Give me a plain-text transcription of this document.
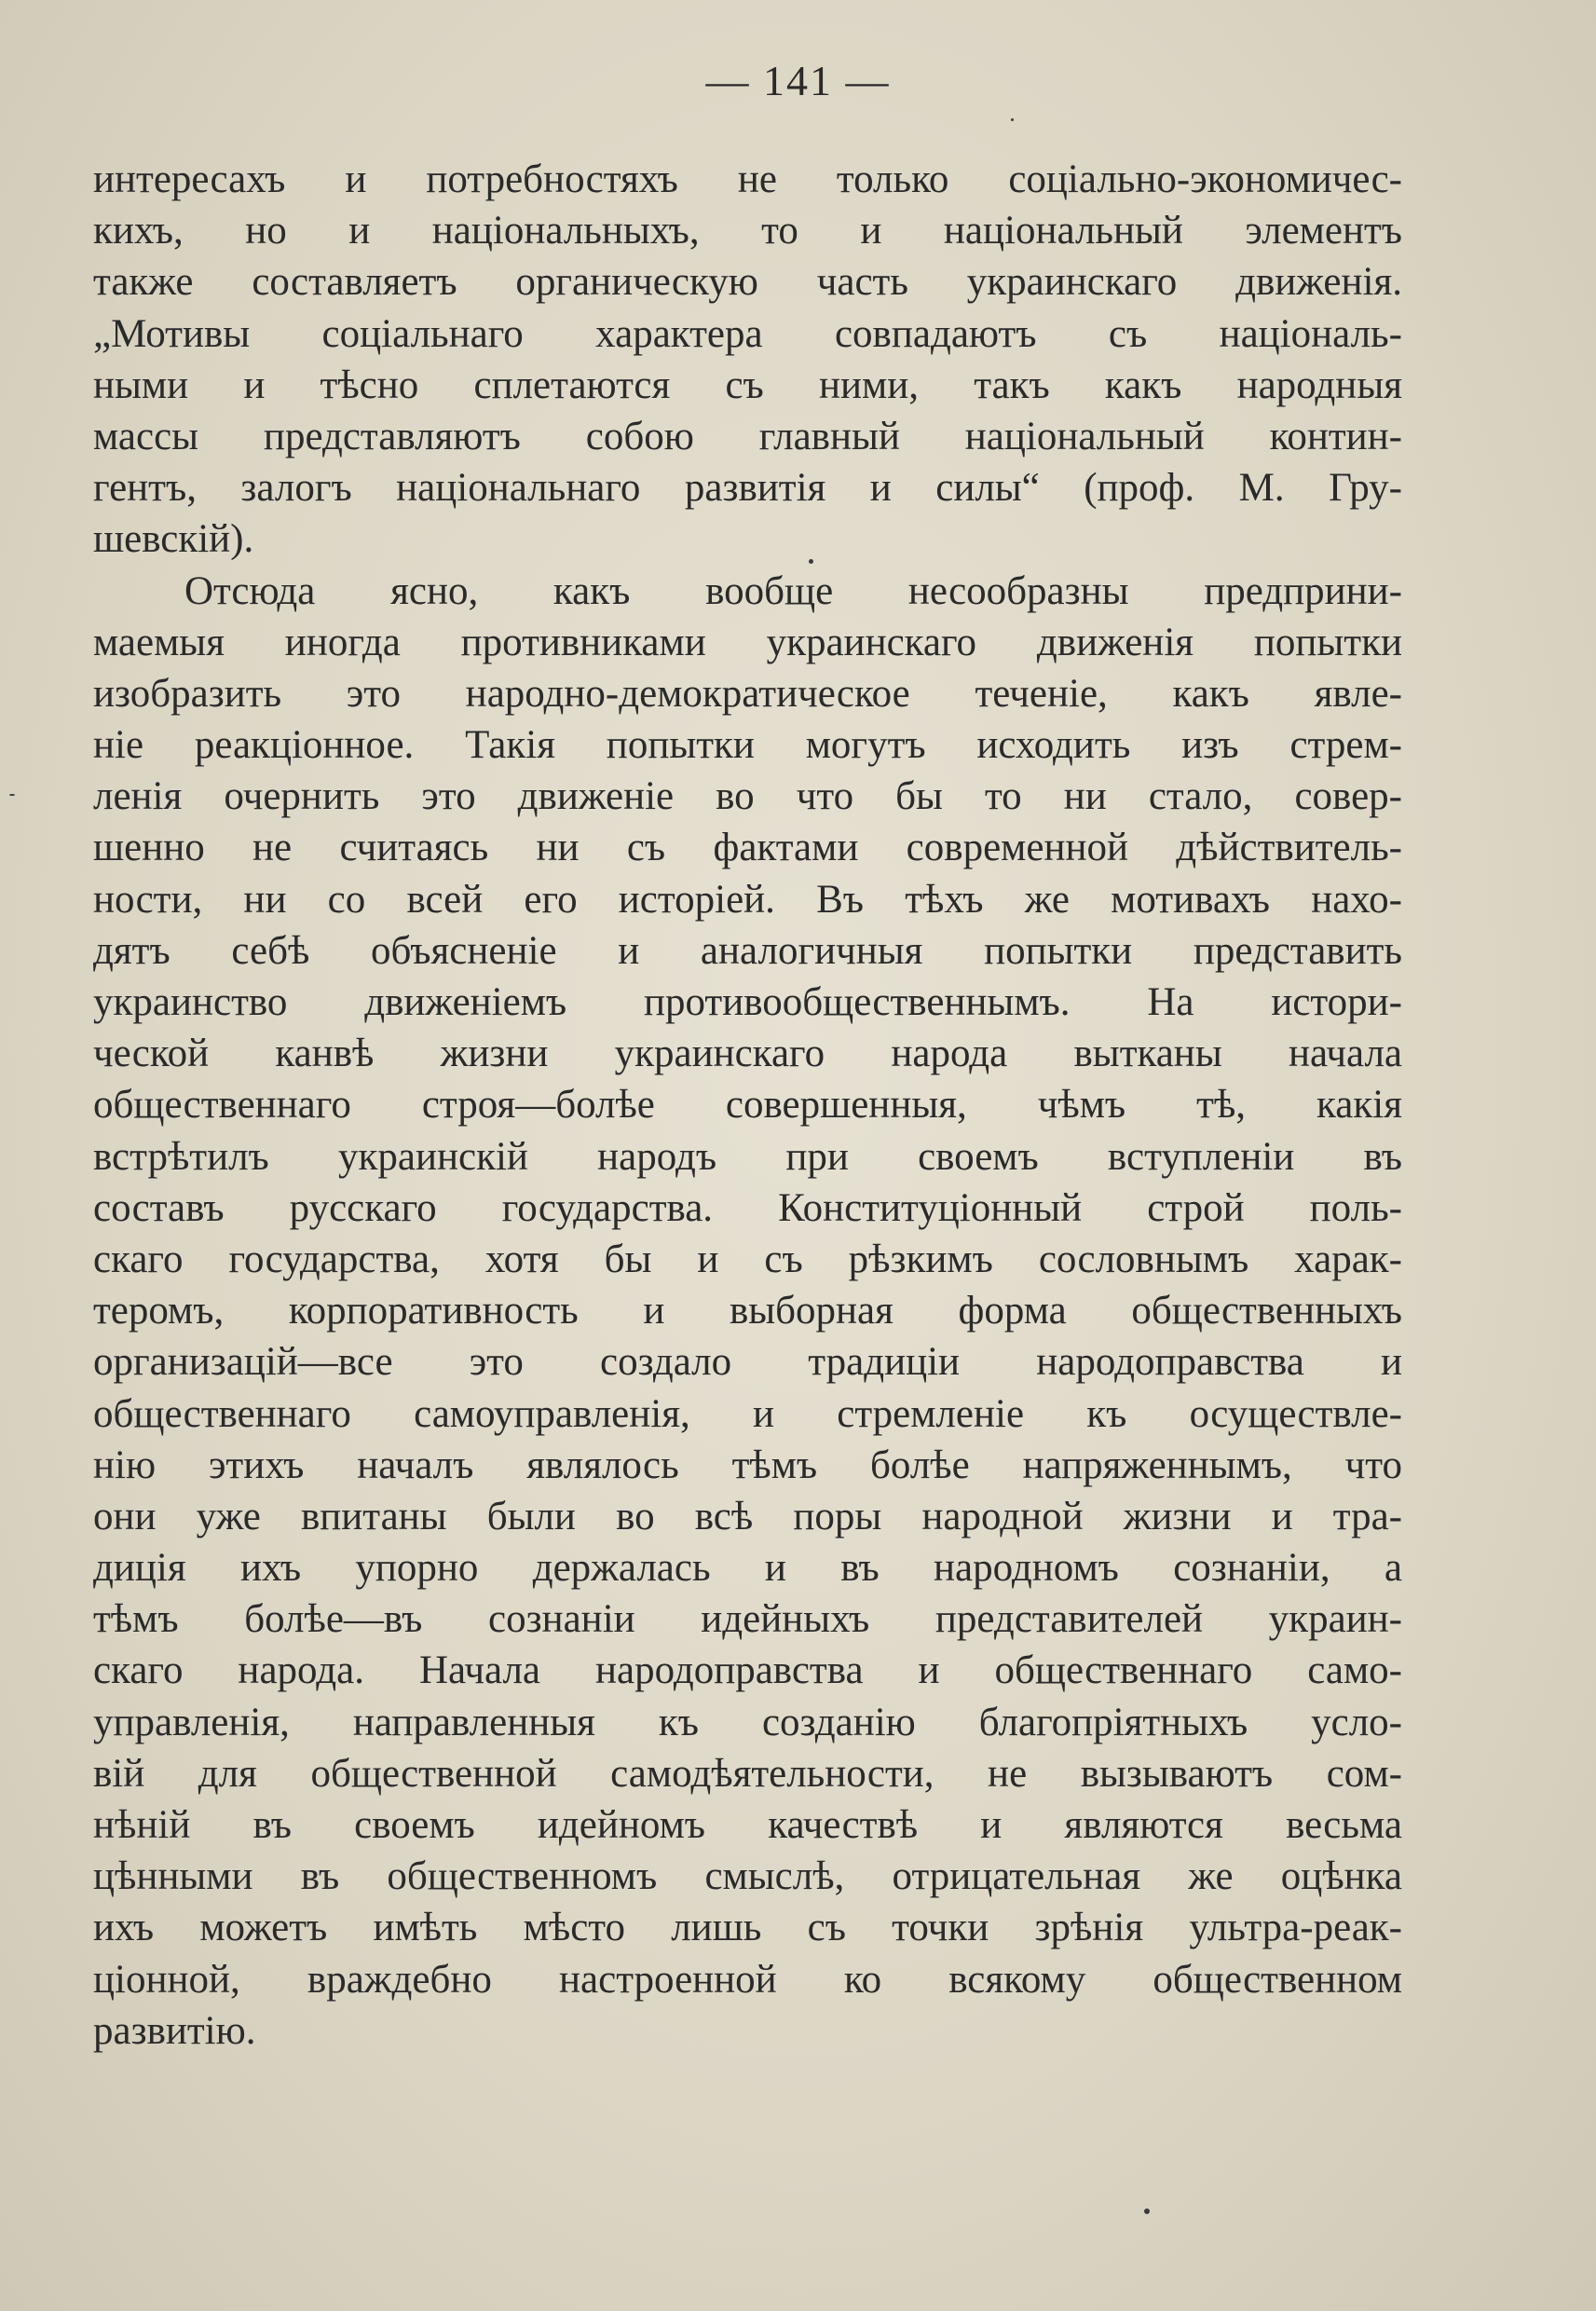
— 141 —
интересахъ и потребностяхъ не только соціально-экономичес-
кихъ, но и національныхъ, то и національный элементъ
также составляетъ органическую часть украинскаго движенія.
„Мотивы соціальнаго характера совпадаютъ съ національ-
ными и тѣсно сплетаются съ ними, такъ какъ народныя
массы представляютъ собою главный національный контин-
гентъ, залогъ національнаго развитія и силы“ (проф. М. Гру-
шевскій).
Отсюда ясно, какъ вообще несообразны предприни-
маемыя иногда противниками украинскаго движенія попытки
изобразить это народно-демократическое теченіе, какъ явле-
ніе реакціонное. Такія попытки могутъ исходить изъ стрем-
ленія очернить это движеніе во что бы то ни стало, совер-
шенно не считаясь ни съ фактами современной дѣйствитель-
ности, ни со всей его исторіей. Въ тѣхъ же мотивахъ нахо-
дятъ себѣ объясненіе и аналогичныя попытки представить
украинство движеніемъ противообщественнымъ. На истори-
ческой канвѣ жизни украинскаго народа вытканы начала
общественнаго строя—болѣе совершенныя, чѣмъ тѣ, какія
встрѣтилъ украинскій народъ при своемъ вступленіи въ
составъ русскаго государства. Конституціонный строй поль-
скаго государства, хотя бы и съ рѣзкимъ сословнымъ харак-
теромъ, корпоративность и выборная форма общественныхъ
организацій—все это создало традиціи народоправства и
общественнаго самоуправленія, и стремленіе къ осуществле-
нію этихъ началъ являлось тѣмъ болѣе напряженнымъ, что
они уже впитаны были во всѣ поры народной жизни и тра-
диція ихъ упорно держалась и въ народномъ сознаніи, а
тѣмъ болѣе—въ сознаніи идейныхъ представителей украин-
скаго народа. Начала народоправства и общественнаго само-
управленія, направленныя къ созданію благопріятныхъ усло-
вій для общественной самодѣятельности, не вызываютъ сом-
нѣній въ своемъ идейномъ качествѣ и являются весьма
цѣнными въ общественномъ смыслѣ, отрицательная же оцѣнка
ихъ можетъ имѣть мѣсто лишь съ точки зрѣнія ультра-реак-
ціонной, враждебно настроенной ко всякому общественном
развитію.
